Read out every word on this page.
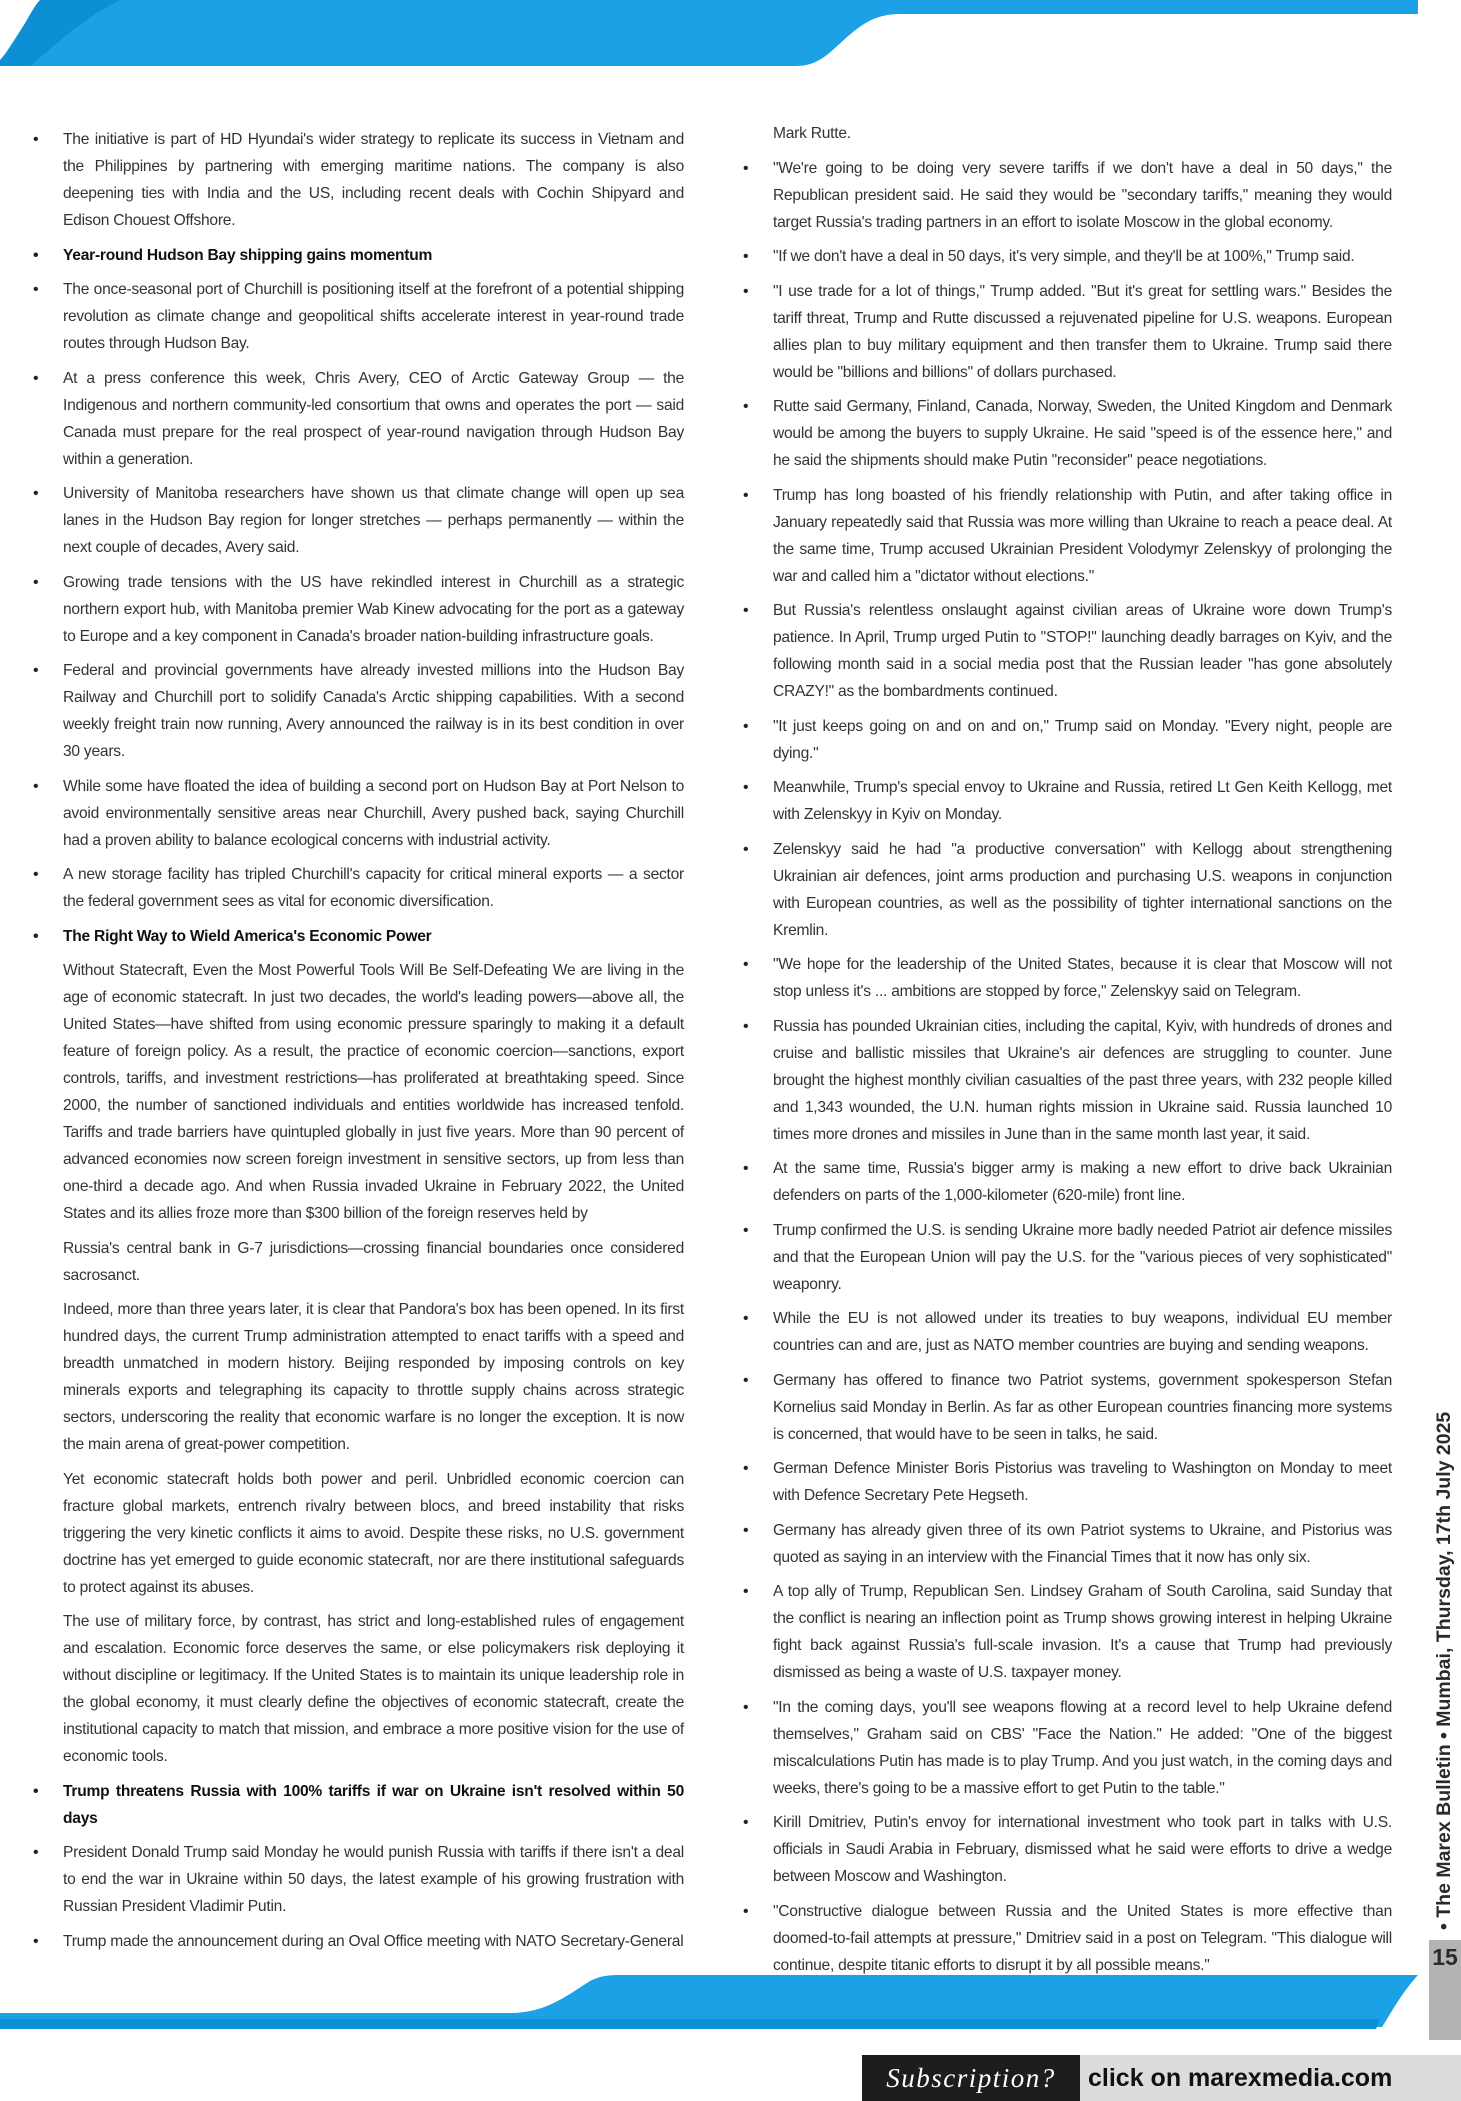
• The initiative is part of HD Hyundai's wider strategy to replicate its success in Vietnam and the Philippines by partnering with emerging maritime nations. The company is also deepening ties with India and the US, including recent deals with Cochin Shipyard and Edison Chouest Offshore.
• Year-round Hudson Bay shipping gains momentum
• The once-seasonal port of Churchill is positioning itself at the forefront of a potential shipping revolution as climate change and geopolitical shifts accelerate interest in year-round trade routes through Hudson Bay.
• At a press conference this week, Chris Avery, CEO of Arctic Gateway Group — the Indigenous and northern community-led consortium that owns and operates the port — said Canada must prepare for the real prospect of year-round navigation through Hudson Bay within a generation.
• University of Manitoba researchers have shown us that climate change will open up sea lanes in the Hudson Bay region for longer stretches — perhaps permanently — within the next couple of decades, Avery said.
• Growing trade tensions with the US have rekindled interest in Churchill as a strategic northern export hub, with Manitoba premier Wab Kinew advocating for the port as a gateway to Europe and a key component in Canada's broader nation-building infrastructure goals.
• Federal and provincial governments have already invested millions into the Hudson Bay Railway and Churchill port to solidify Canada's Arctic shipping capabilities. With a second weekly freight train now running, Avery announced the railway is in its best condition in over 30 years.
• While some have floated the idea of building a second port on Hudson Bay at Port Nelson to avoid environmentally sensitive areas near Churchill, Avery pushed back, saying Churchill had a proven ability to balance ecological concerns with industrial activity.
• A new storage facility has tripled Churchill's capacity for critical mineral exports — a sector the federal government sees as vital for economic diversification.
• The Right Way to Wield America's Economic Power
Without Statecraft, Even the Most Powerful Tools Will Be Self-Defeating We are living in the age of economic statecraft. In just two decades, the world's leading powers—above all, the United States—have shifted from using economic pressure sparingly to making it a default feature of foreign policy. As a result, the practice of economic coercion—sanctions, export controls, tariffs, and investment restrictions—has proliferated at breathtaking speed. Since 2000, the number of sanctioned individuals and entities worldwide has increased tenfold. Tariffs and trade barriers have quintupled globally in just five years. More than 90 percent of advanced economies now screen foreign investment in sensitive sectors, up from less than one-third a decade ago. And when Russia invaded Ukraine in February 2022, the United States and its allies froze more than $300 billion of the foreign reserves held by
Russia's central bank in G-7 jurisdictions—crossing financial boundaries once considered sacrosanct.
Indeed, more than three years later, it is clear that Pandora's box has been opened. In its first hundred days, the current Trump administration attempted to enact tariffs with a speed and breadth unmatched in modern history. Beijing responded by imposing controls on key minerals exports and telegraphing its capacity to throttle supply chains across strategic sectors, underscoring the reality that economic warfare is no longer the exception. It is now the main arena of great-power competition.
Yet economic statecraft holds both power and peril. Unbridled economic coercion can fracture global markets, entrench rivalry between blocs, and breed instability that risks triggering the very kinetic conflicts it aims to avoid. Despite these risks, no U.S. government doctrine has yet emerged to guide economic statecraft, nor are there institutional safeguards to protect against its abuses.
The use of military force, by contrast, has strict and long-established rules of engagement and escalation. Economic force deserves the same, or else policymakers risk deploying it without discipline or legitimacy. If the United States is to maintain its unique leadership role in the global economy, it must clearly define the objectives of economic statecraft, create the institutional capacity to match that mission, and embrace a more positive vision for the use of economic tools.
• Trump threatens Russia with 100% tariffs if war on Ukraine isn't resolved within 50 days
• President Donald Trump said Monday he would punish Russia with tariffs if there isn't a deal to end the war in Ukraine within 50 days, the latest example of his growing frustration with Russian President Vladimir Putin.
• Trump made the announcement during an Oval Office meeting with NATO Secretary-General
Mark Rutte.
• "We're going to be doing very severe tariffs if we don't have a deal in 50 days," the Republican president said. He said they would be "secondary tariffs," meaning they would target Russia's trading partners in an effort to isolate Moscow in the global economy.
• "If we don't have a deal in 50 days, it's very simple, and they'll be at 100%," Trump said.
• "I use trade for a lot of things," Trump added. "But it's great for settling wars." Besides the tariff threat, Trump and Rutte discussed a rejuvenated pipeline for U.S. weapons. European allies plan to buy military equipment and then transfer them to Ukraine. Trump said there would be "billions and billions" of dollars purchased.
• Rutte said Germany, Finland, Canada, Norway, Sweden, the United Kingdom and Denmark would be among the buyers to supply Ukraine. He said "speed is of the essence here," and he said the shipments should make Putin "reconsider" peace negotiations.
• Trump has long boasted of his friendly relationship with Putin, and after taking office in January repeatedly said that Russia was more willing than Ukraine to reach a peace deal. At the same time, Trump accused Ukrainian President Volodymyr Zelenskyy of prolonging the war and called him a "dictator without elections."
• But Russia's relentless onslaught against civilian areas of Ukraine wore down Trump's patience. In April, Trump urged Putin to "STOP!" launching deadly barrages on Kyiv, and the following month said in a social media post that the Russian leader "has gone absolutely CRAZY!" as the bombardments continued.
• "It just keeps going on and on and on," Trump said on Monday. "Every night, people are dying."
• Meanwhile, Trump's special envoy to Ukraine and Russia, retired Lt Gen Keith Kellogg, met with Zelenskyy in Kyiv on Monday.
• Zelenskyy said he had "a productive conversation" with Kellogg about strengthening Ukrainian air defences, joint arms production and purchasing U.S. weapons in conjunction with European countries, as well as the possibility of tighter international sanctions on the Kremlin.
• "We hope for the leadership of the United States, because it is clear that Moscow will not stop unless it's ... ambitions are stopped by force," Zelenskyy said on Telegram.
• Russia has pounded Ukrainian cities, including the capital, Kyiv, with hundreds of drones and cruise and ballistic missiles that Ukraine's air defences are struggling to counter. June brought the highest monthly civilian casualties of the past three years, with 232 people killed and 1,343 wounded, the U.N. human rights mission in Ukraine said. Russia launched 10 times more drones and missiles in June than in the same month last year, it said.
• At the same time, Russia's bigger army is making a new effort to drive back Ukrainian defenders on parts of the 1,000-kilometer (620-mile) front line.
• Trump confirmed the U.S. is sending Ukraine more badly needed Patriot air defence missiles and that the European Union will pay the U.S. for the "various pieces of very sophisticated" weaponry.
• While the EU is not allowed under its treaties to buy weapons, individual EU member countries can and are, just as NATO member countries are buying and sending weapons.
• Germany has offered to finance two Patriot systems, government spokesperson Stefan Kornelius said Monday in Berlin. As far as other European countries financing more systems is concerned, that would have to be seen in talks, he said.
• German Defence Minister Boris Pistorius was traveling to Washington on Monday to meet with Defence Secretary Pete Hegseth.
• Germany has already given three of its own Patriot systems to Ukraine, and Pistorius was quoted as saying in an interview with the Financial Times that it now has only six.
• A top ally of Trump, Republican Sen. Lindsey Graham of South Carolina, said Sunday that the conflict is nearing an inflection point as Trump shows growing interest in helping Ukraine fight back against Russia's full-scale invasion. It's a cause that Trump had previously dismissed as being a waste of U.S. taxpayer money.
• "In the coming days, you'll see weapons flowing at a record level to help Ukraine defend themselves," Graham said on CBS' "Face the Nation." He added: "One of the biggest miscalculations Putin has made is to play Trump. And you just watch, in the coming days and weeks, there's going to be a massive effort to get Putin to the table."
• Kirill Dmitriev, Putin's envoy for international investment who took part in talks with U.S. officials in Saudi Arabia in February, dismissed what he said were efforts to drive a wedge between Moscow and Washington.
• "Constructive dialogue between Russia and the United States is more effective than doomed-to-fail attempts at pressure," Dmitriev said in a post on Telegram. "This dialogue will continue, despite titanic efforts to disrupt it by all possible means."
• The Marex Bulletin • Mumbai, Thursday, 17th July 2025
15
Subscription?	click on marexmedia.com
